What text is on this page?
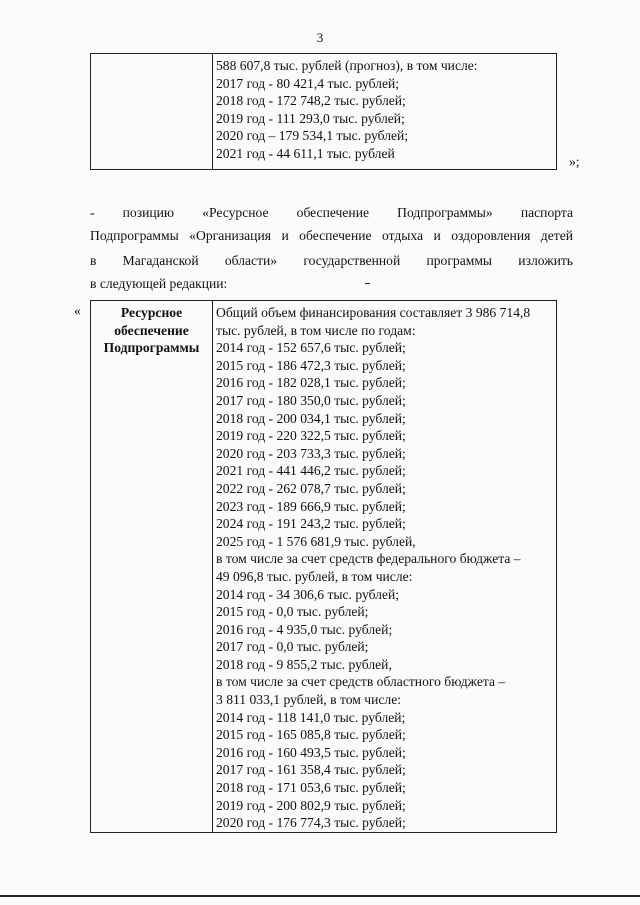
3

588 607,8 тыс. рублей (прогноз), в том числе:
2017 год - 80 421,4 тыс. рублей;
2018 год - 172 748,2 тыс. рублей;
2019 год - 111 293,0 тыс. рублей;
2020 год – 179 534,1 тыс. рублей;
2021 год - 44 611,1 тыс. рублей
»;
- позицию «Ресурсное обеспечение Подпрограммы» паспорта
Подпрограммы «Организация и обеспечение отдыха и оздоровления детей
в Магаданской области» государственной программы изложить
в следующей редакции:
«	Ресурсное
обеспечение
Подпрограммы

Общий объем финансирования составляет 3 986 714,8
тыс. рублей, в том числе по годам:
2014 год - 152 657,6 тыс. рублей;
2015 год - 186 472,3 тыс. рублей;
2016 год - 182 028,1 тыс. рублей;
2017 год - 180 350,0 тыс. рублей;
2018 год - 200 034,1 тыс. рублей;
2019 год - 220 322,5 тыс. рублей;
2020 год - 203 733,3 тыс. рублей;
2021 год - 441 446,2 тыс. рублей;
2022 год - 262 078,7 тыс. рублей;
2023 год - 189 666,9 тыс. рублей;
2024 год - 191 243,2 тыс. рублей;
2025 год - 1 576 681,9 тыс. рублей,
в том числе за счет средств федерального бюджета –
49 096,8 тыс. рублей, в том числе:
2014 год - 34 306,6 тыс. рублей;
2015 год - 0,0 тыс. рублей;
2016 год - 4 935,0 тыс. рублей;
2017 год - 0,0 тыс. рублей;
2018 год - 9 855,2 тыс. рублей,
в том числе за счет средств областного бюджета –
3 811 033,1 рублей, в том числе:
2014 год - 118 141,0 тыс. рублей;
2015 год - 165 085,8 тыс. рублей;
2016 год - 160 493,5 тыс. рублей;
2017 год - 161 358,4 тыс. рублей;
2018 год - 171 053,6 тыс. рублей;
2019 год - 200 802,9 тыс. рублей;
2020 год - 176 774,3 тыс. рублей;
